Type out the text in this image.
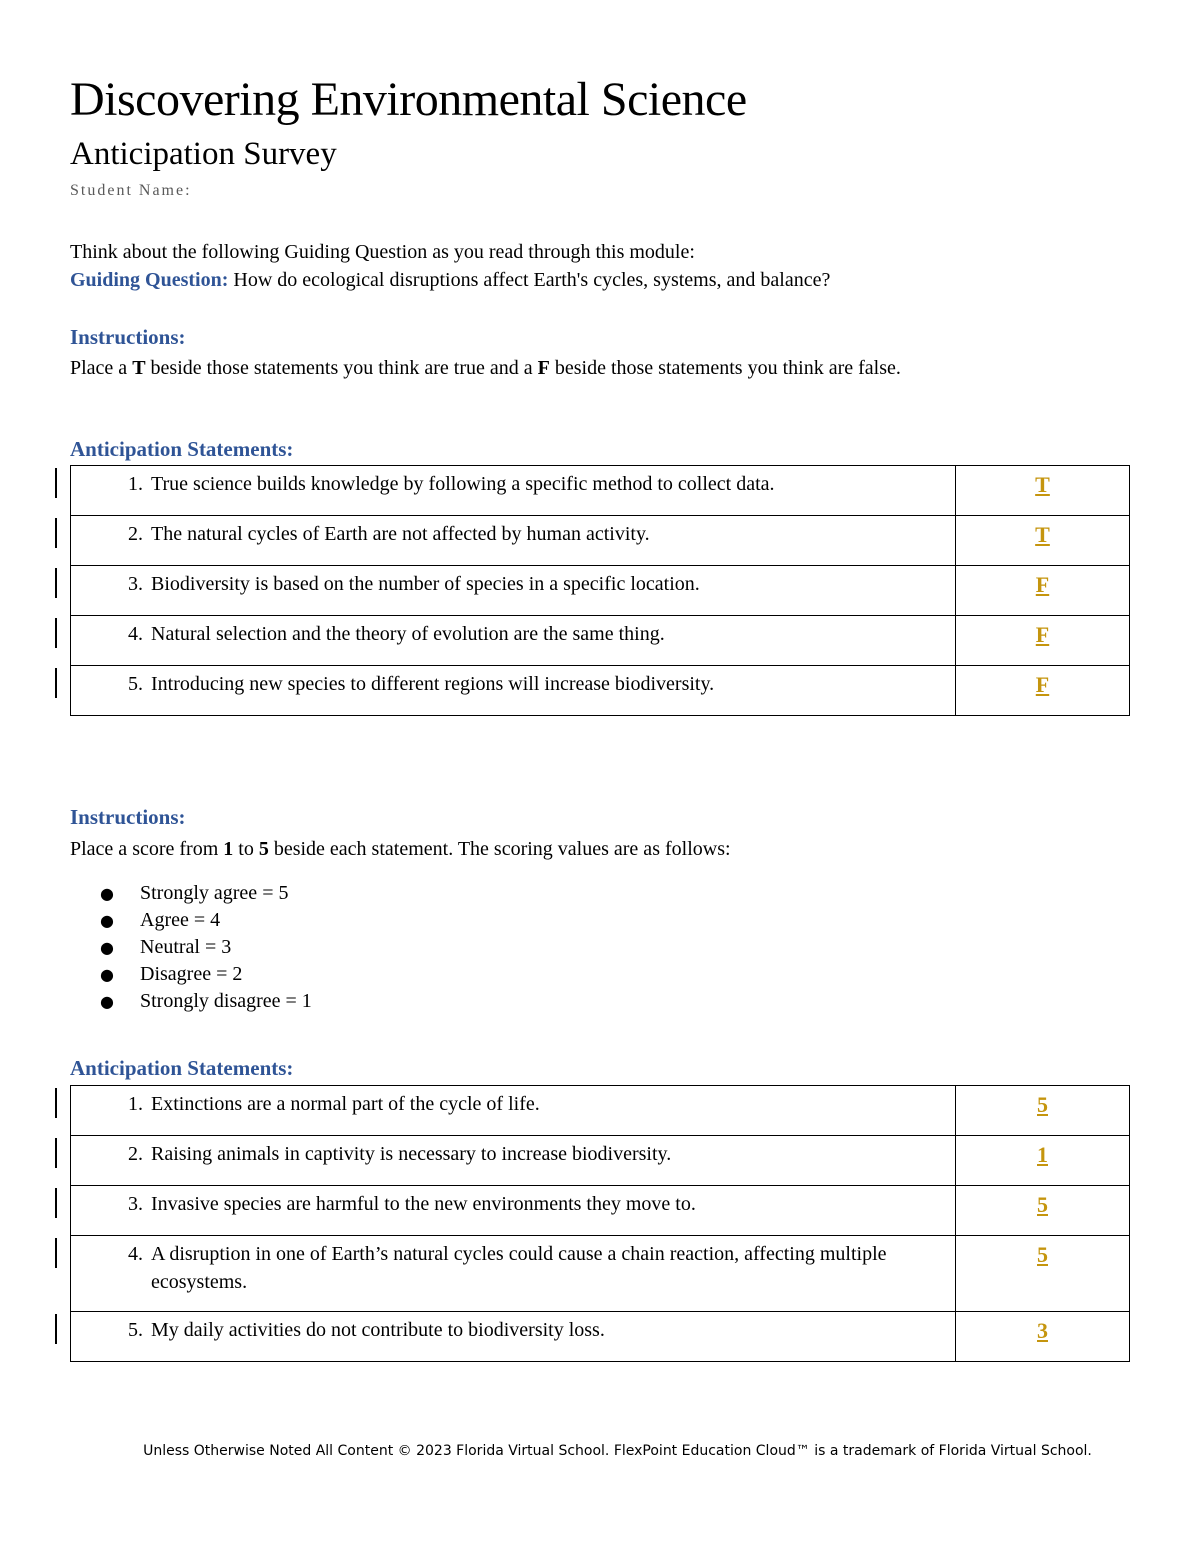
Discovering Environmental Science
Anticipation Survey
Student Name:
Think about the following Guiding Question as you read through this module:
Guiding Question: How do ecological disruptions affect Earth's cycles, systems, and balance?
Instructions:
Place a T beside those statements you think are true and a F beside those statements you think are false.
Anticipation Statements:
1. True science builds knowledge by following a specific method to collect data.	T

2. The natural cycles of Earth are not affected by human activity.	T

3. Biodiversity is based on the number of species in a specific location.	F

4. Natural selection and the theory of evolution are the same thing.	F

5. Introducing new species to different regions will increase biodiversity.	F
Instructions:
Place a score from 1 to 5 beside each statement. The scoring values are as follows:
● Strongly agree = 5
● Agree = 4
● Neutral = 3
● Disagree = 2
● Strongly disagree = 1
Anticipation Statements:
1. Extinctions are a normal part of the cycle of life.	5

2. Raising animals in captivity is necessary to increase biodiversity.	1

3. Invasive species are harmful to the new environments they move to.	5

4. A disruption in one of Earth’s natural cycles could cause a chain reaction, affecting multiple ecosystems.	5

5. My daily activities do not contribute to biodiversity loss.	3
Unless Otherwise Noted All Content © 2023 Florida Virtual School. FlexPoint Education Cloud™ is a trademark of Florida Virtual School.
